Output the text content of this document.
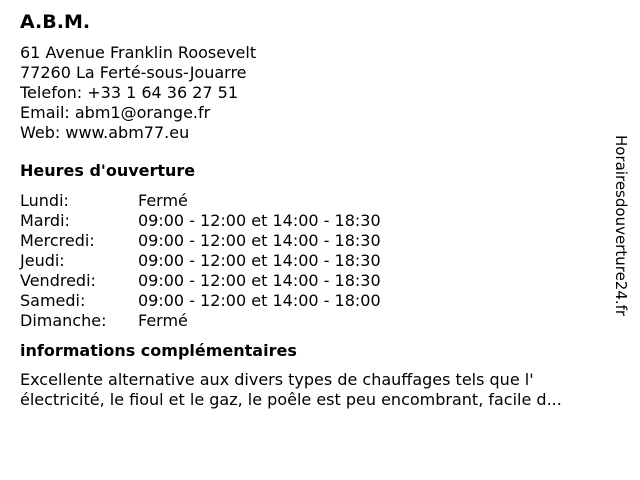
A.B.M.
61 Avenue Franklin Roosevelt
77260 La Ferté-sous-Jouarre
Telefon: +33 1 64 36 27 51
Email: abm1@orange.fr
Web: www.abm77.eu
Heures d'ouverture
Lundi:	Fermé
Mardi:	09:00 - 12:00 et 14:00 - 18:30
Mercredi:	09:00 - 12:00 et 14:00 - 18:30
Jeudi:	09:00 - 12:00 et 14:00 - 18:30
Vendredi:	09:00 - 12:00 et 14:00 - 18:30
Samedi:	09:00 - 12:00 et 14:00 - 18:00
Dimanche:	Fermé
informations complémentaires
Excellente alternative aux divers types de chauffages tels que l' électricité, le fioul et le gaz, le poêle est peu encombrant, facile d...
Horairesdouverture24.fr
